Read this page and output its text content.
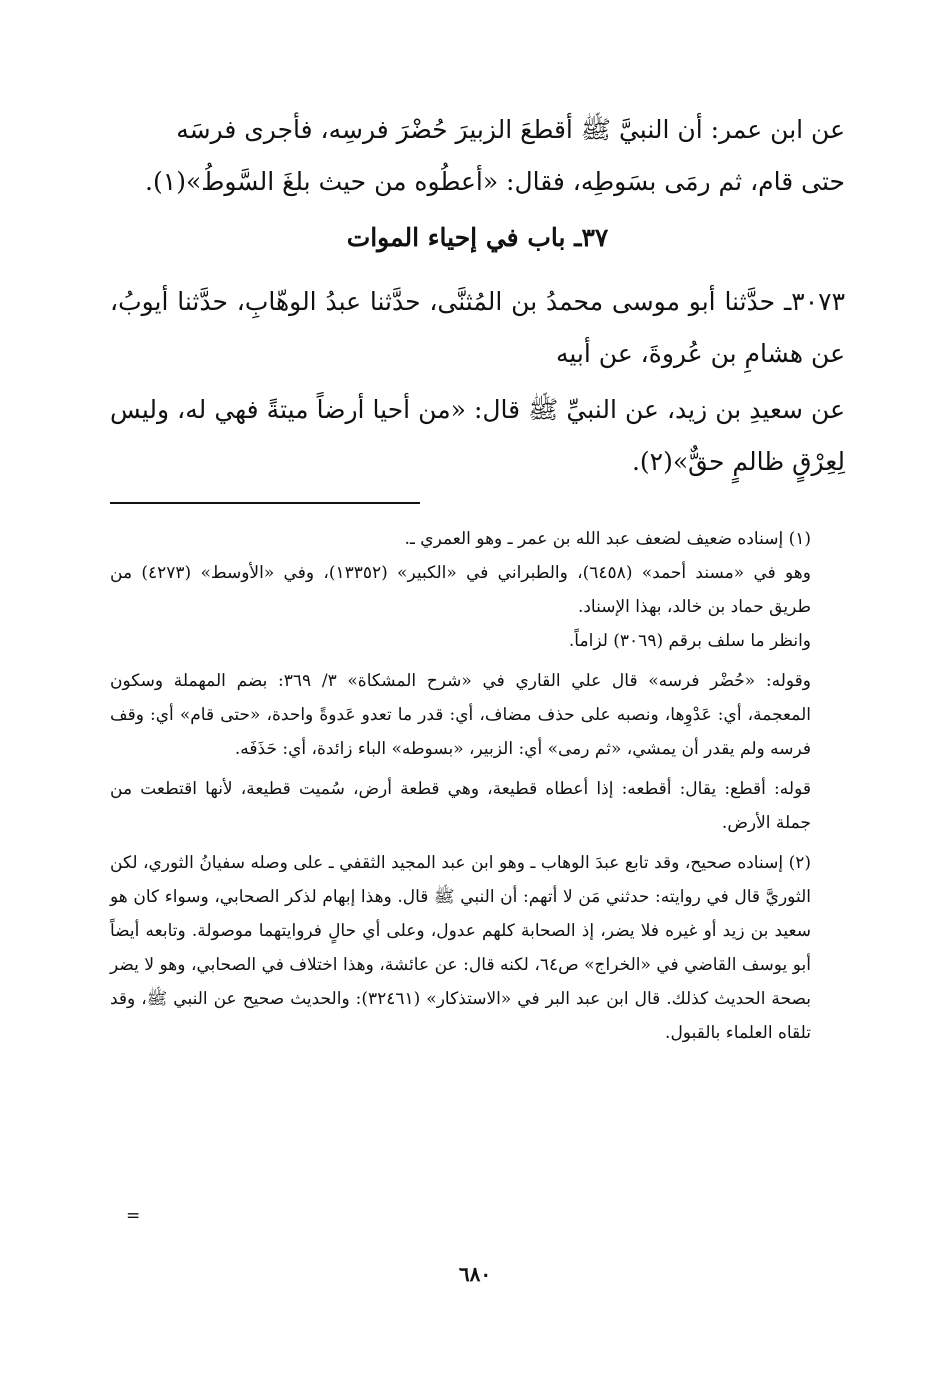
عن ابن عمر: أن النبيَّ ﷺ أقطعَ الزبيرَ حُضْرَ فرسِه، فأجرى فرسَه

حتى قام، ثم رمَى بسَوطِه، فقال: «أعطُوه من حيث بلغَ السَّوطُ»(١).

٣٧ـ باب في إحياء الموات

٣٠٧٣ـ حدَّثنا أبو موسى محمدُ بن المُثنَّى، حدَّثنا عبدُ الوهّابِ، حدَّثنا أيوبُ، عن هشامِ بن عُروةَ، عن أبيه

عن سعيدِ بن زيد، عن النبيِّ ﷺ قال: «من أحيا أرضاً ميتةً فهي له، وليس لِعِرْقٍ ظالمٍ حقٌّ»(٢).

(١) إسناده ضعيف لضعف عبد الله بن عمر ـ وهو العمري ـ.

وهو في «مسند أحمد» (٦٤٥٨)، والطبراني في «الكبير» (١٣٣٥٢)، وفي «الأوسط» (٤٢٧٣) من طريق حماد بن خالد، بهذا الإسناد.

وانظر ما سلف برقم (٣٠٦٩) لزاماً.

وقوله: «حُضْر فرسه» قال علي القاري في «شرح المشكاة» ٣/ ٣٦٩: بضم المهملة وسكون المعجمة، أي: عَدْوِها، ونصبه على حذف مضاف، أي: قدر ما تعدو عَدوةً واحدة، «حتى قام» أي: وقف فرسه ولم يقدر أن يمشي، «ثم رمى» أي: الزبير، «بسوطه» الباء زائدة، أي: حَذَفَه.

قوله: أقطع: يقال: أقطعه: إذا أعطاه قطيعة، وهي قطعة أرض، سُميت قطيعة، لأنها اقتطعت من جملة الأرض.

(٢) إسناده صحيح، وقد تابع عبدَ الوهاب ـ وهو ابن عبد المجيد الثقفي ـ على وصله سفيانُ الثوري، لكن الثوريَّ قال في روايته: حدثني مَن لا أتهم: أن النبي ﷺ قال. وهذا إبهام لذكر الصحابي، وسواء كان هو سعيد بن زيد أو غيره فلا يضر، إذ الصحابة كلهم عدول، وعلى أي حالٍ فروايتهما موصولة. وتابعه أيضاً أبو يوسف القاضي في «الخراج» ص٦٤، لكنه قال: عن عائشة، وهذا اختلاف في الصحابي، وهو لا يضر بصحة الحديث كذلك. قال ابن عبد البر في «الاستذكار» (٣٢٤٦١): والحديث صحيح عن النبي ﷺ، وقد تلقاه العلماء بالقبول.

=
٦٨٠
